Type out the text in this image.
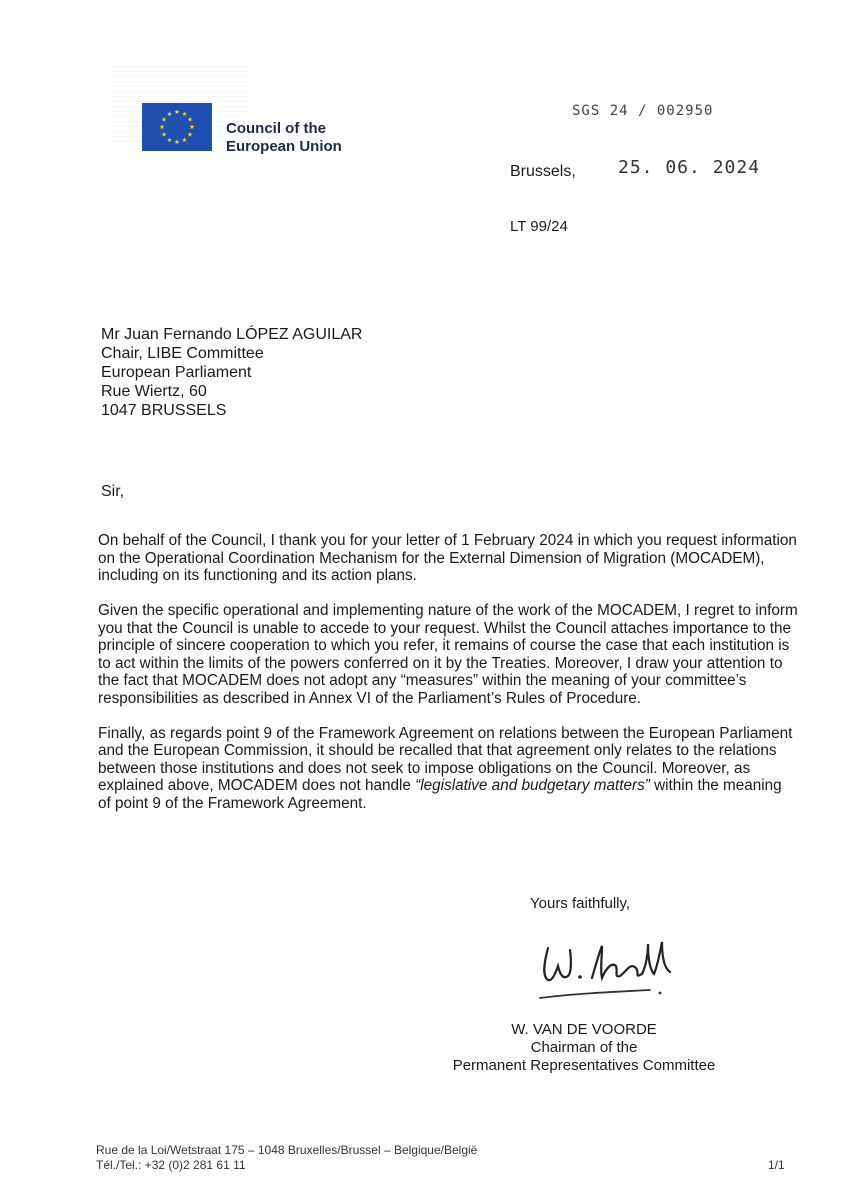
Council of the
European Union
SGS 24 / 002950
Brussels, 25. 06. 2024
LT 99/24
Mr Juan Fernando LÓPEZ AGUILAR
Chair, LIBE Committee
European Parliament
Rue Wiertz, 60
1047 BRUSSELS
Sir,

On behalf of the Council, I thank you for your letter of 1 February 2024 in which you request information on the Operational Coordination Mechanism for the External Dimension of Migration (MOCADEM), including on its functioning and its action plans.

Given the specific operational and implementing nature of the work of the MOCADEM, I regret to inform you that the Council is unable to accede to your request. Whilst the Council attaches importance to the principle of sincere cooperation to which you refer, it remains of course the case that each institution is to act within the limits of the powers conferred on it by the Treaties. Moreover, I draw your attention to the fact that MOCADEM does not adopt any “measures” within the meaning of your committee’s responsibilities as described in Annex VI of the Parliament’s Rules of Procedure.

Finally, as regards point 9 of the Framework Agreement on relations between the European Parliament and the European Commission, it should be recalled that that agreement only relates to the relations between those institutions and does not seek to impose obligations on the Council. Moreover, as explained above, MOCADEM does not handle “legislative and budgetary matters” within the meaning of point 9 of the Framework Agreement.

Yours faithfully,
W. VAN DE VOORDE
Chairman of the
Permanent Representatives Committee
Rue de la Loi/Wetstraat 175 – 1048 Bruxelles/Brussel – Belgique/België
Tél./Tel.: +32 (0)2 281 61 11	1/1
